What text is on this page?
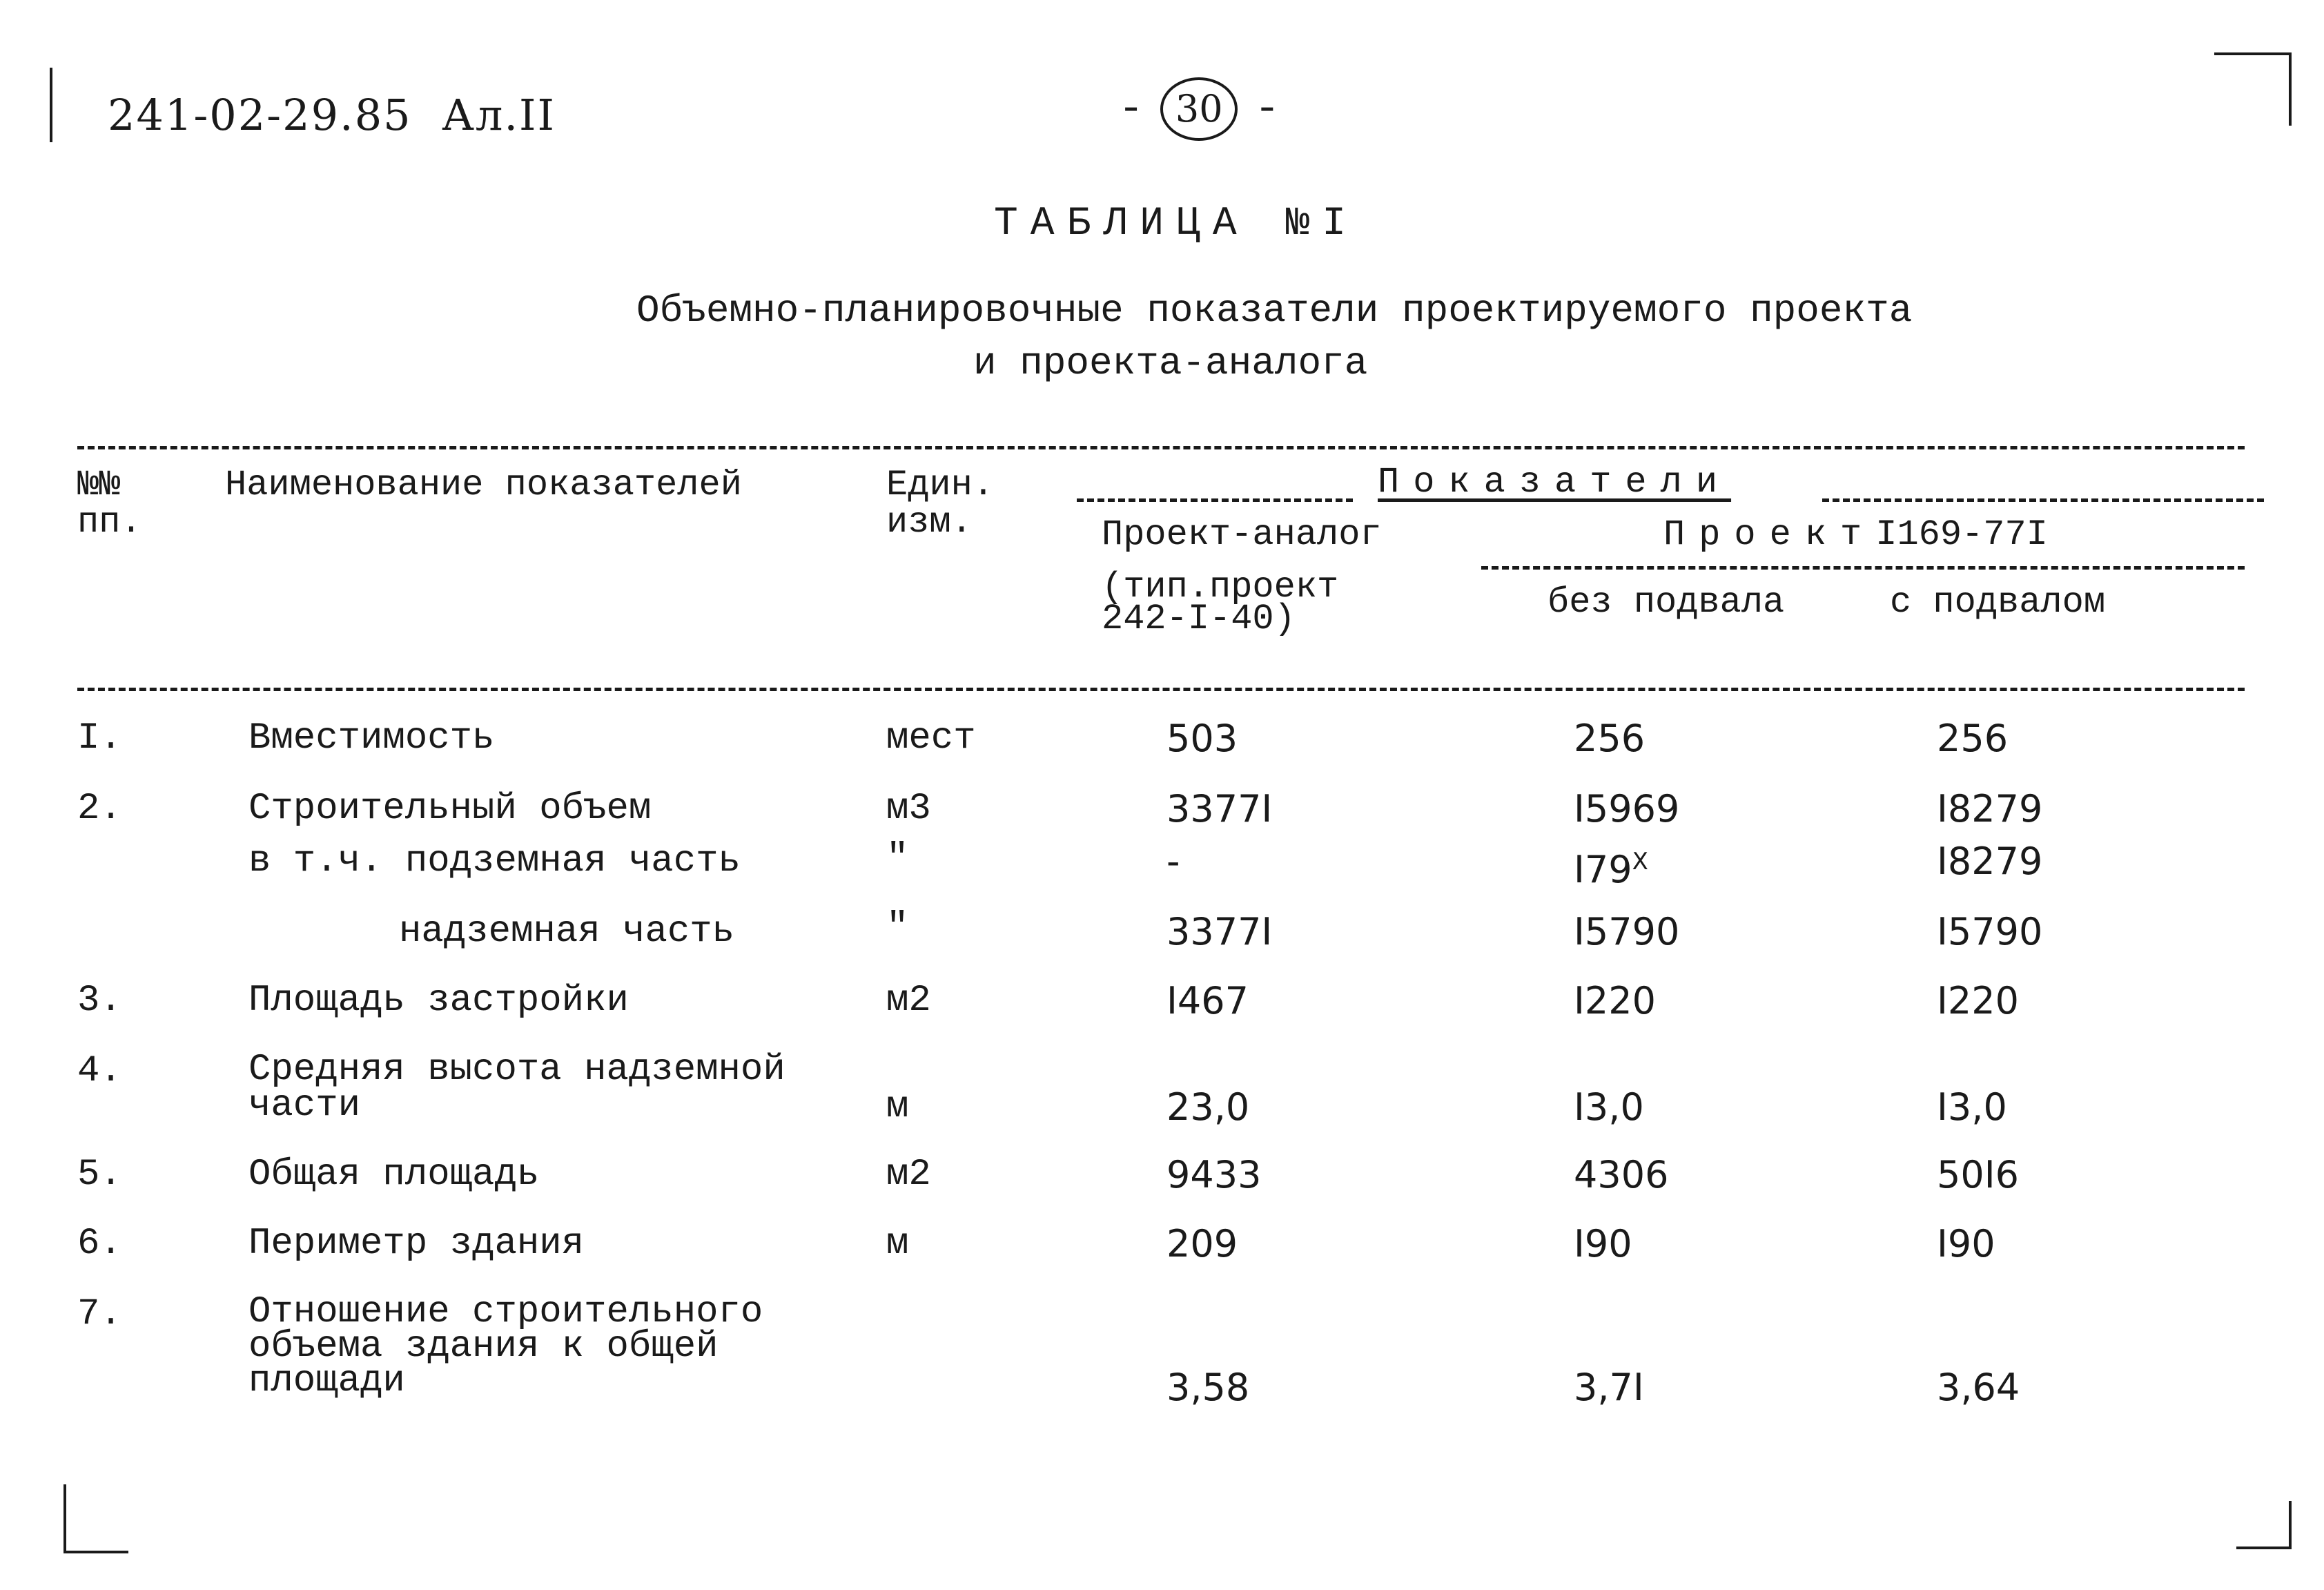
241-02-29.85 Ал.II	- 30 -
ТАБЛИЦА №I
Объемно-планировочные показатели проектируемого проекта
и проекта-аналога
№№
пп.
Наименование показателей	Един.
изм.
Показатели
Проект-аналог	ПроектI169-77I
(тип.проект
242-I-40)	без подвала	с подвалом
I.	Вместимость	мест	503	256	256
2.	Строительный объем	м3	3377I	I5969	I8279
в т.ч. подземная часть	"	-	$I79^X$	I8279
надземная часть	"	3377I	I5790	I5790
3.	Площадь застройки	м2	I467	I220	I220
4.	Средняя высота надземной
части	м	23,0	I3,0	I3,0
5.	Общая площадь	м2	9433	4306	50I6
6.	Периметр здания	м	209	I90	I90
7.	Отношение строительного
объема здания к общей
площади	3,58	3,7I	3,64
